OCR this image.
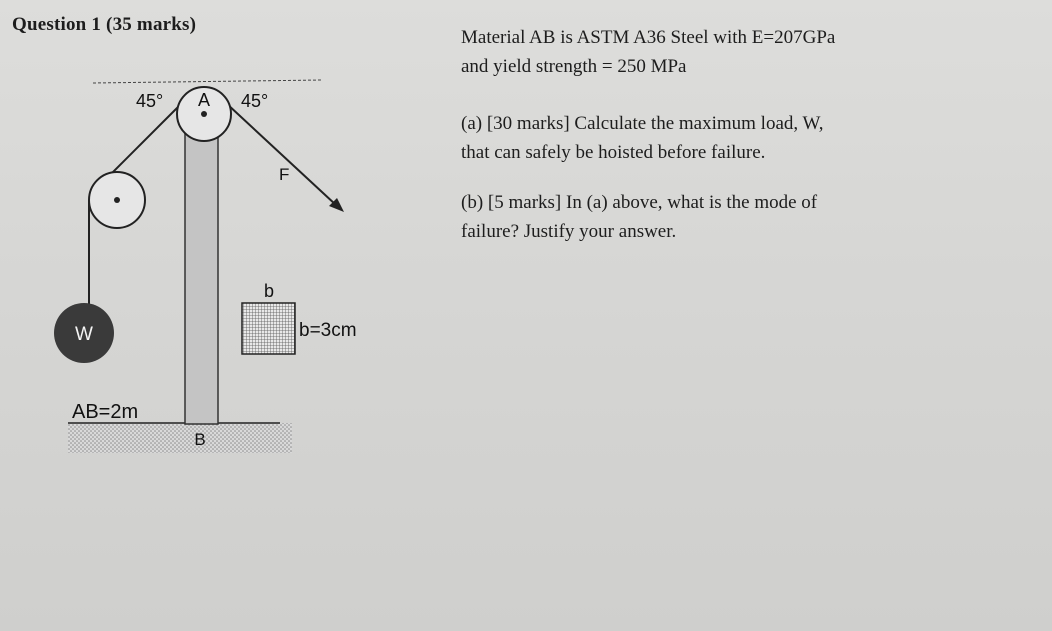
Question 1 (35 marks)
Material AB is ASTM A36 Steel with E=207GPa
and yield strength = 250 MPa
(a) [30 marks] Calculate the maximum load, W,
that can safely be hoisted before failure.
(b) [5 marks] In (a) above, what is the mode of
failure? Justify your answer.
W
45° A 45°
F
b
b=3cm
AB=2m
B
